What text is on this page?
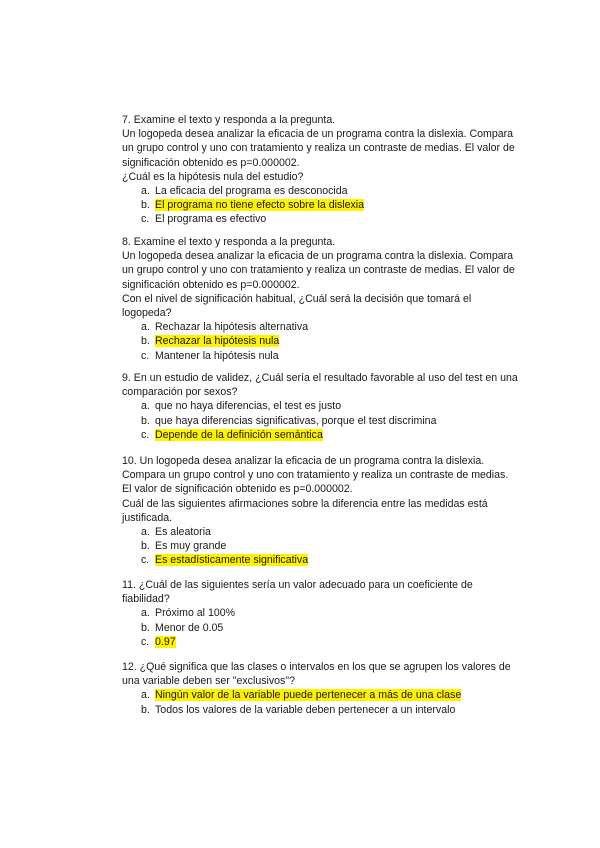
7. Examine el texto y responda a la pregunta.

Un logopeda desea analizar la eficacia de un programa contra la dislexia. Compara un grupo control y uno con tratamiento y realiza un contraste de medias. El valor de significación obtenido es p=0.000002.

¿Cuál es la hipótesis nula del estudio?

a. La eficacia del programa es desconocida
b. El programa no tiene efecto sobre la dislexia
c. El programa es efectivo

8. Examine el texto y responda a la pregunta.

Un logopeda desea analizar la eficacia de un programa contra la dislexia. Compara un grupo control y uno con tratamiento y realiza un contraste de medias. El valor de significación obtenido es p=0.000002.

Con el nivel de significación habitual, ¿Cuál será la decisión que tomará el logopeda?

a. Rechazar la hipótesis alternativa
b. Rechazar la hipótesis nula
c. Mantener la hipótesis nula

9. En un estudio de validez, ¿Cuál sería el resultado favorable al uso del test en una comparación por sexos?

a. que no haya diferencias, el test es justo
b. que haya diferencias significativas, porque el test discrimina
c. Depende de la definición semántica

10. Un logopeda desea analizar la eficacia de un programa contra la dislexia. Compara un grupo control y uno con tratamiento y realiza un contraste de medias. El valor de significación obtenido es p=0.000002.

Cuál de las siguientes afirmaciones sobre la diferencia entre las medidas está justificada.

a. Es aleatoria
b. Es muy grande
c. Es estadísticamente significativa

11. ¿Cuál de las siguientes sería un valor adecuado para un coeficiente de fiabilidad?

a. Próximo al 100%
b. Menor de 0.05
c. 0.97

12. ¿Qué significa que las clases o intervalos en los que se agrupen los valores de una variable deben ser "exclusivos"?

a. Ningún valor de la variable puede pertenecer a más de una clase
b. Todos los valores de la variable deben pertenecer a un intervalo
